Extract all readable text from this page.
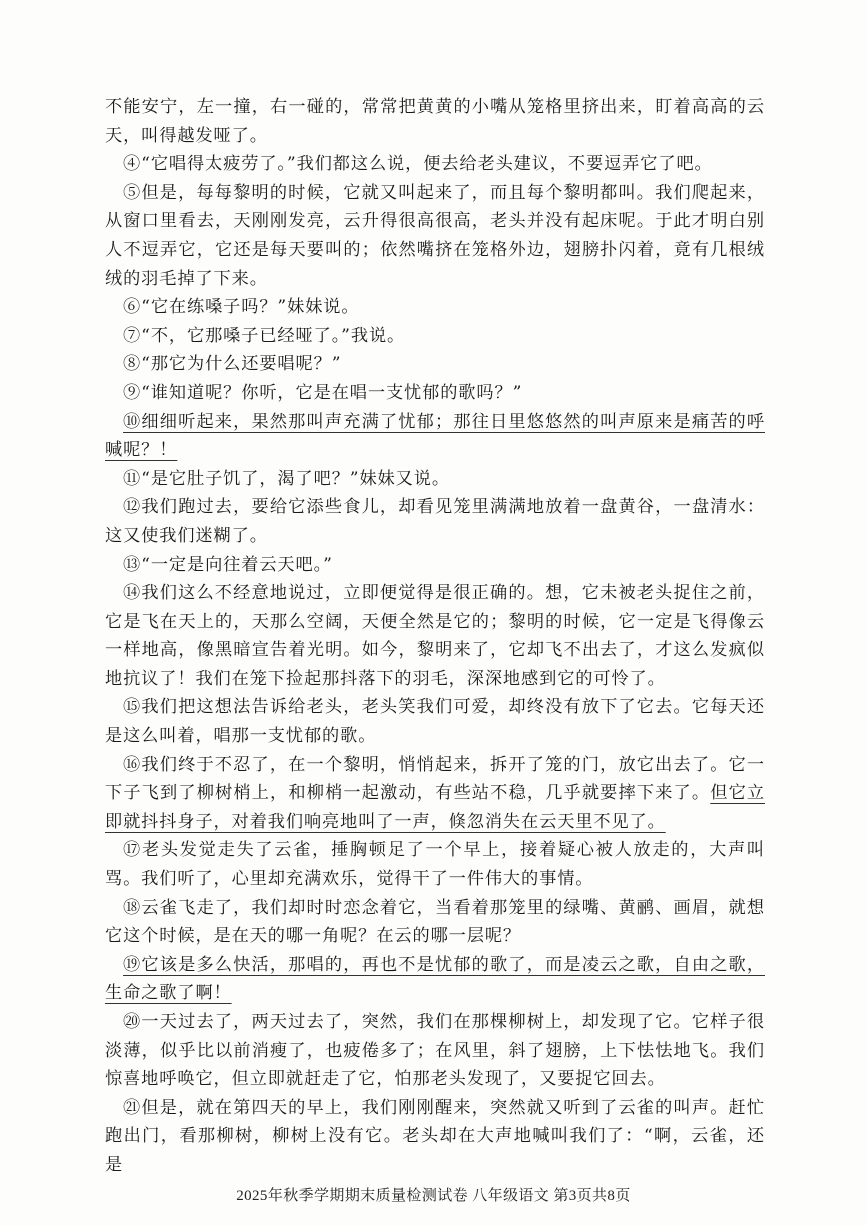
不能安宁，左一撞，右一碰的，常常把黄黄的小嘴从笼格里挤出来，盯着高高的云天，叫得越发哑了。

④“它唱得太疲劳了。”我们都这么说，便去给老头建议，不要逗弄它了吧。

⑤但是，每每黎明的时候，它就又叫起来了，而且每个黎明都叫。我们爬起来，从窗口里看去，天刚刚发亮，云升得很高很高，老头并没有起床呢。于此才明白别人不逗弄它，它还是每天要叫的；依然嘴挤在笼格外边，翅膀扑闪着，竟有几根绒绒的羽毛掉了下来。

⑥“它在练嗓子吗？”妹妹说。

⑦“不，它那嗓子已经哑了。”我说。

⑧“那它为什么还要唱呢？”

⑨“谁知道呢？你听，它是在唱一支忧郁的歌吗？”

⑩细细听起来，果然那叫声充满了忧郁；那往日里悠悠然的叫声原来是痛苦的呼喊呢？！

⑪“是它肚子饥了，渴了吧？”妹妹又说。

⑫我们跑过去，要给它添些食儿，却看见笼里满满地放着一盘黄谷，一盘清水：这又使我们迷糊了。

⑬“一定是向往着云天吧。”

⑭我们这么不经意地说过，立即便觉得是很正确的。想，它未被老头捉住之前，它是飞在天上的，天那么空阔，天便全然是它的；黎明的时候，它一定是飞得像云一样地高，像黑暗宣告着光明。如今，黎明来了，它却飞不出去了，才这么发疯似地抗议了！我们在笼下捡起那抖落下的羽毛，深深地感到它的可怜了。

⑮我们把这想法告诉给老头，老头笑我们可爱，却终没有放下了它去。它每天还是这么叫着，唱那一支忧郁的歌。

⑯我们终于不忍了，在一个黎明，悄悄起来，拆开了笼的门，放它出去了。它一下子飞到了柳树梢上，和柳梢一起激动，有些站不稳，几乎就要摔下来了。但它立即就抖抖身子，对着我们响亮地叫了一声，倏忽消失在云天里不见了。

⑰老头发觉走失了云雀，捶胸顿足了一个早上，接着疑心被人放走的，大声叫骂。我们听了，心里却充满欢乐，觉得干了一件伟大的事情。

⑱云雀飞走了，我们却时时恋念着它，当看着那笼里的绿嘴、黄鹂、画眉，就想它这个时候，是在天的哪一角呢？在云的哪一层呢？

⑲它该是多么快活，那唱的，再也不是忧郁的歌了，而是凌云之歌，自由之歌，生命之歌了啊！

⑳一天过去了，两天过去了，突然，我们在那棵柳树上，却发现了它。它样子很淡薄，似乎比以前消瘦了，也疲倦多了；在风里，斜了翅膀，上下怯怯地飞。我们惊喜地呼唤它，但立即就赶走了它，怕那老头发现了，又要捉它回去。

㉑但是，就在第四天的早上，我们刚刚醒来，突然就又听到了云雀的叫声。赶忙跑出门，看那柳树，柳树上没有它。老头却在大声地喊叫我们了：“啊，云雀，还是

2025年秋季学期期末质量检测试卷 八年级语文 第3页共8页
